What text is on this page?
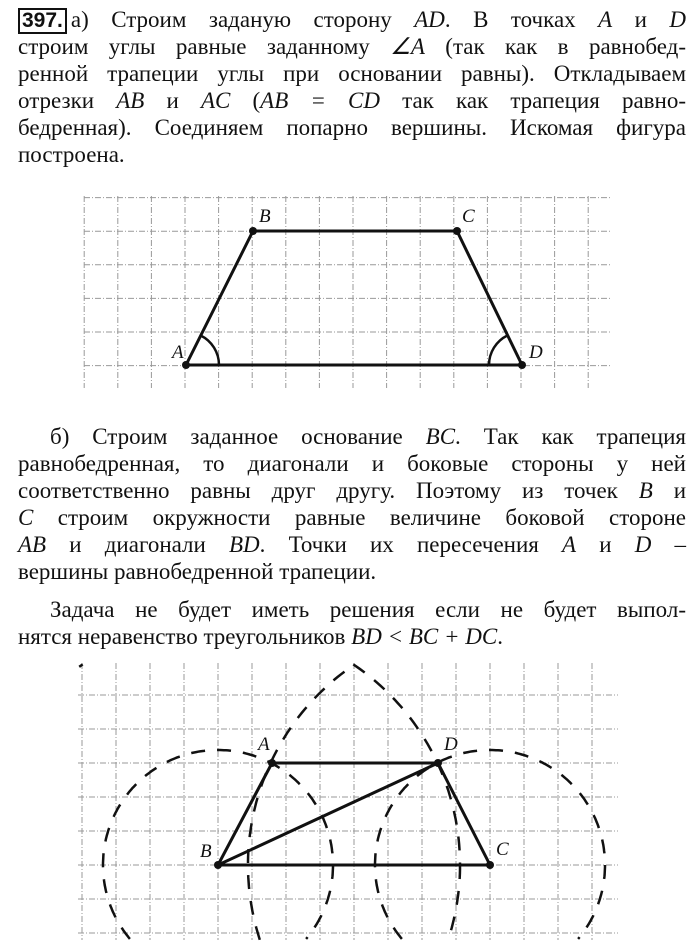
397. а) Строим заданую сторону AD. В точках A и D
строим углы равные заданному ∠A (так как в равнобед-
ренной трапеции углы при основании равны). Откладываем
отрезки AB и AC (AB = CD так как трапеция равно-
бедренная). Соединяем попарно вершины. Искомая фигура
построена.
б) Строим заданное основание BC. Так как трапеция
равнобедренная, то диагонали и боковые стороны у ней
соответственно равны друг другу. Поэтому из точек B и
C строим окружности равные величине боковой стороне
AB и диагонали BD. Точки их пересечения A и D –
вершины равнобедренной трапеции.
Задача не будет иметь решения если не будет выпол-
нятся неравенство треугольников BD < BC + DC.
A
B	C
D
A	D
B	C
